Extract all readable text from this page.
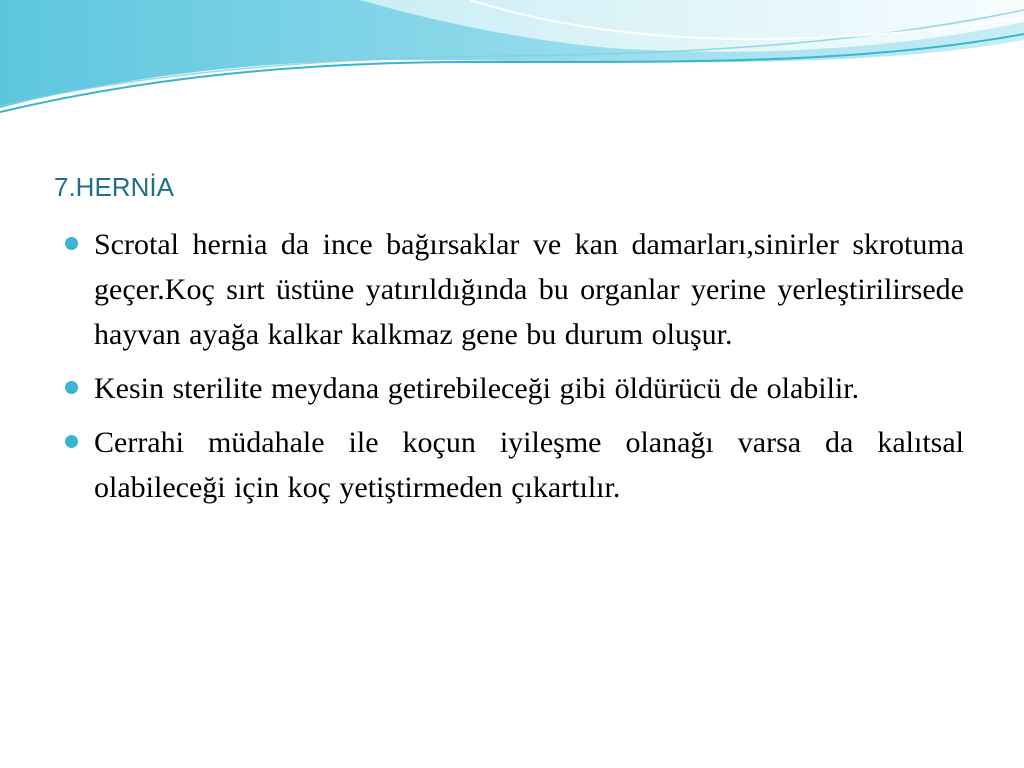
7.HERNİA
Scrotal hernia da ince bağırsaklar ve kan damarları,sinirler skrotuma geçer.Koç sırt üstüne yatırıldığında bu organlar yerine yerleştirilirsede hayvan ayağa kalkar kalkmaz gene bu durum oluşur.
Kesin sterilite meydana getirebileceği gibi öldürücü de olabilir.
Cerrahi müdahale ile koçun iyileşme olanağı varsa da kalıtsal olabileceği için koç yetiştirmeden çıkartılır.
